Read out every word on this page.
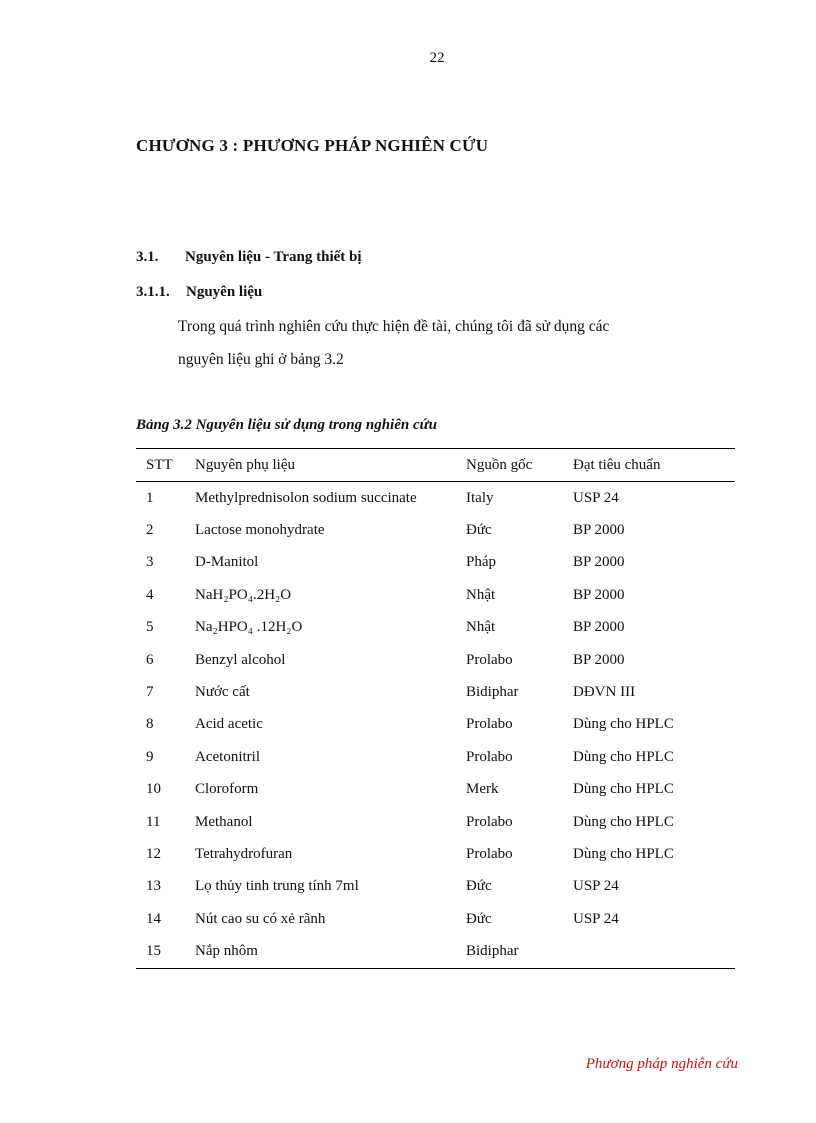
22
CHƯƠNG 3 : PHƯƠNG PHÁP NGHIÊN CỨU
3.1. Nguyên liệu - Trang thiết bị
3.1.1. Nguyên liệu
Trong quá trình nghiên cứu thực hiện đề tài, chúng tôi đã sử dụng các
nguyên liệu ghi ở bảng 3.2
Bảng 3.2 Nguyên liệu sử dụng trong nghiên cứu
STT	Nguyên phụ liệu	Nguồn gốc	Đạt tiêu chuẩn
1	Methylprednisolon sodium succinate	Italy	USP 24
2	Lactose monohydrate	Đức	BP 2000
3	D-Manitol	Pháp	BP 2000
4	NaH₂PO₄.2H₂O	Nhật	BP 2000
5	Na₂HPO₄ .12H₂O	Nhật	BP 2000
6	Benzyl alcohol	Prolabo	BP 2000
7	Nước cất	Bidiphar	DĐVN III
8	Acid acetic	Prolabo	Dùng cho HPLC
9	Acetonitril	Prolabo	Dùng cho HPLC
10	Cloroform	Merk	Dùng cho HPLC
11	Methanol	Prolabo	Dùng cho HPLC
12	Tetrahydrofuran	Prolabo	Dùng cho HPLC
13	Lọ thủy tinh trung tính 7ml	Đức	USP 24
14	Nút cao su có xẻ rãnh	Đức	USP 24
15	Nắp nhôm	Bidiphar	
Phương pháp nghiên cứu
